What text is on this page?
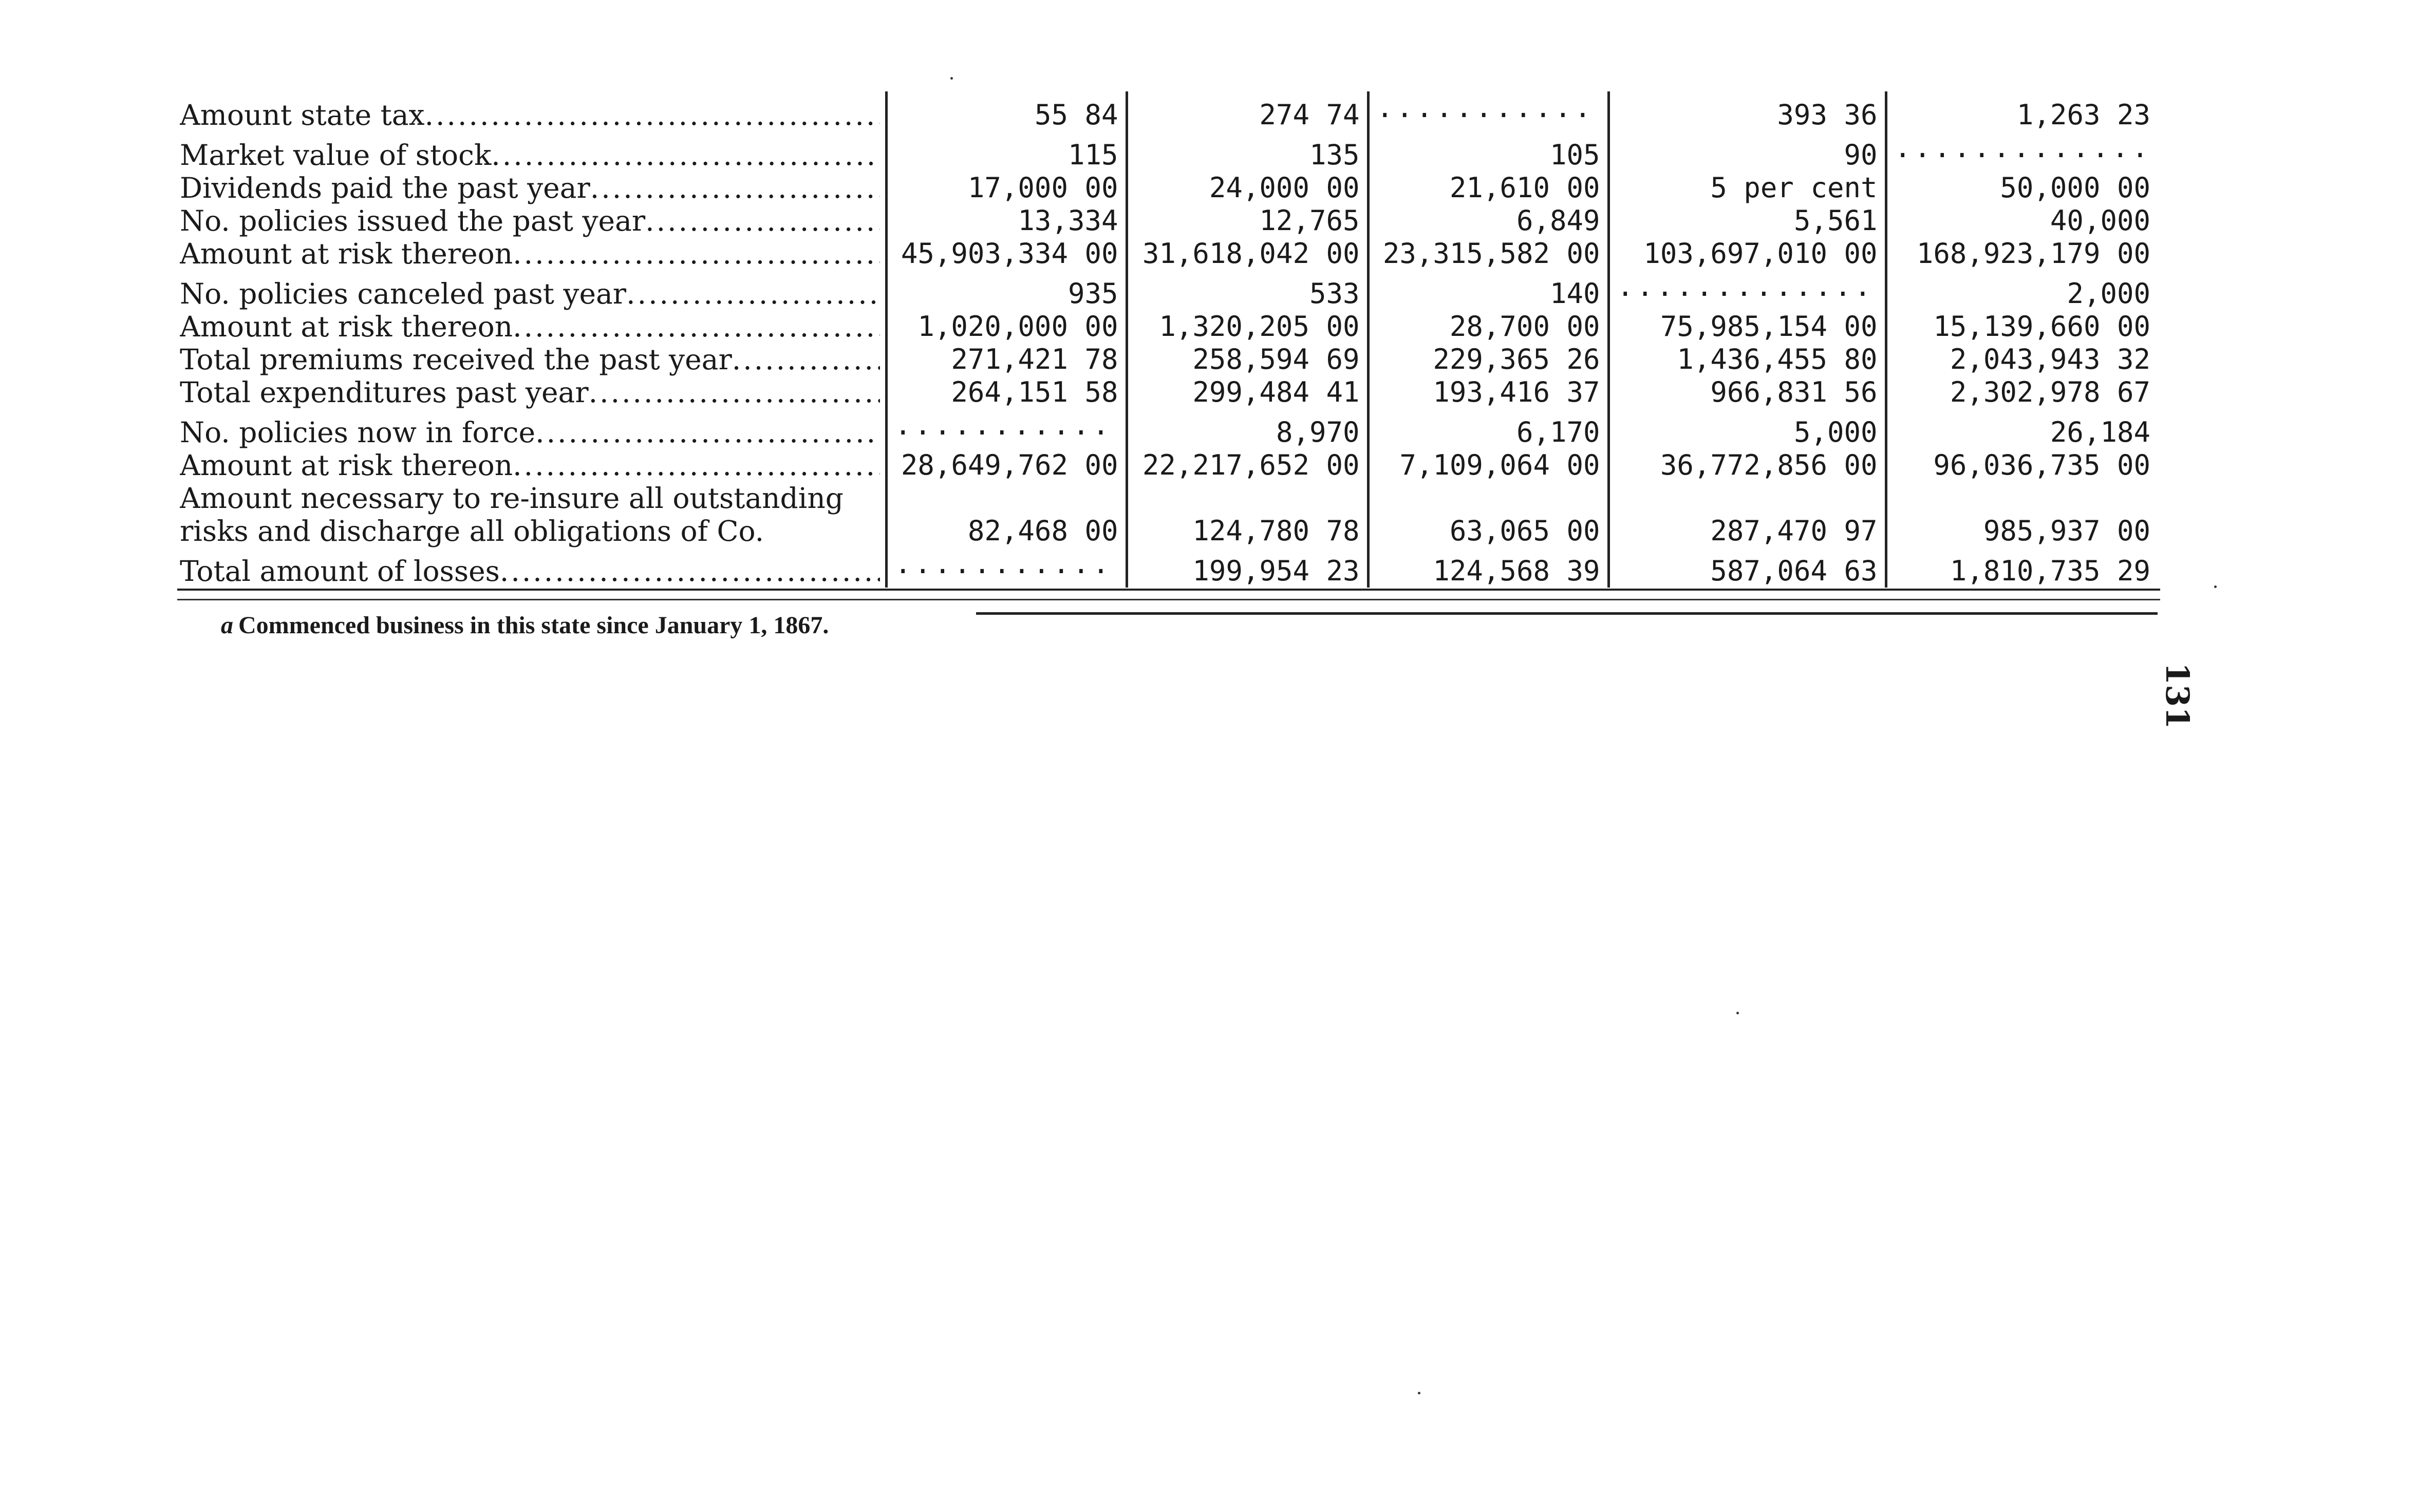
Amount state tax
.....	55 84	274 74	.....	393 36	1,263 23

Market value of stock
.....	115	135	105	90	.....

Dividends paid the past year
.....	17,000 00	24,000 00	21,610 00	5 per cent	50,000 00

No. policies issued the past year
.....	13,334	12,765	6,849	5,561	40,000

Amount at risk thereon
.....	45,903,334 00	31,618,042 00	23,315,582 00	103,697,010 00	168,923,179 00

No. policies canceled past year
.....	935	533	140	.....	2,000

Amount at risk thereon
.....	1,020,000 00	1,320,205 00	28,700 00	75,985,154 00	15,139,660 00

Total premiums received the past year
.....	271,421 78	258,594 69	229,365 26	1,436,455 80	2,043,943 32

Total expenditures past year
.....	264,151 58	299,484 41	193,416 37	966,831 56	2,302,978 67

No. policies now in force
.....
	.....	8,970	6,170	5,000	26,184

Amount at risk thereon
.....	28,649,762 00	22,217,652 00	7,109,064 00	36,772,856 00	96,036,735 00

Amount necessary to re-insure all outstanding					

risks and discharge all obligations of Co.	82,468 00	124,780 78	63,065 00	287,470 97	985,937 00

Total amount of losses
.....
	.....	199,954 23	124,568 39	587,064 63	1,810,735 29
a Commenced business in this state since January 1, 1867.
131
